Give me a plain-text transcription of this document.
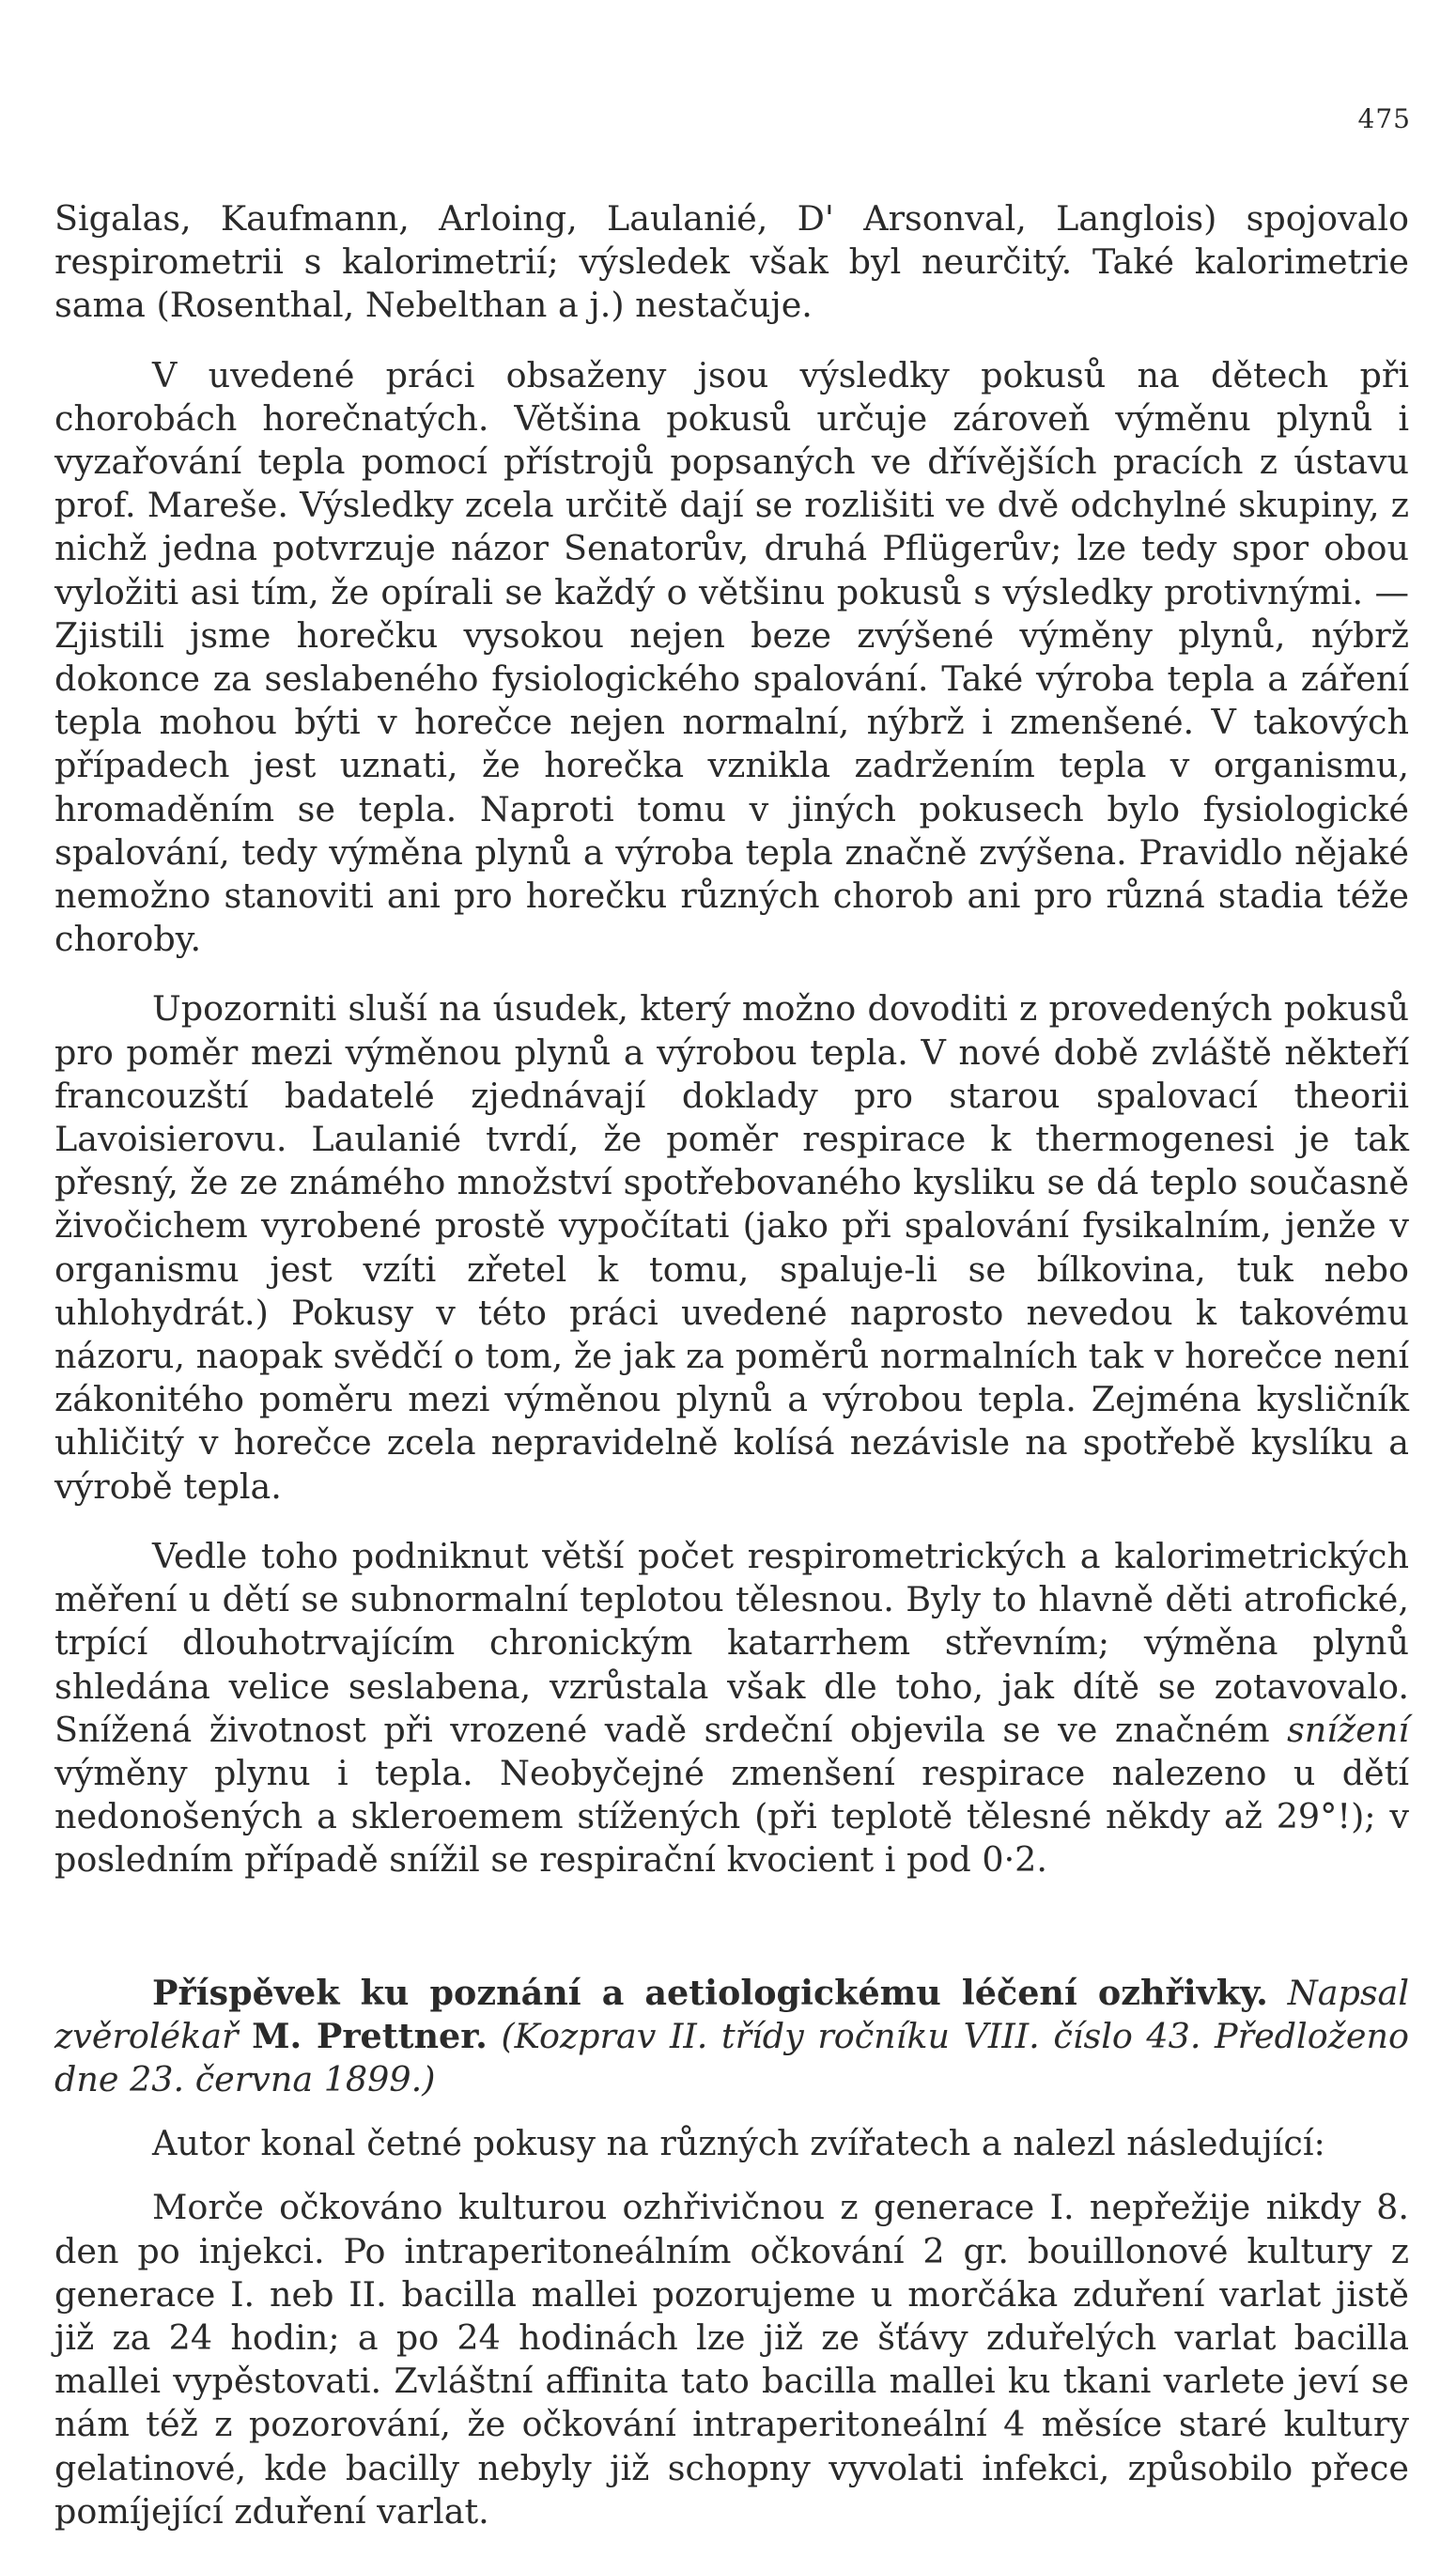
475

Sigalas, Kaufmann, Arloing, Laulanié, D' Arsonval, Langlois) spojovalo respirometrii s kalorimetrií; výsledek však byl neurčitý. Také kalorimetrie sama (Rosenthal, Nebelthan a j.) nestačuje.

V uvedené práci obsaženy jsou výsledky pokusů na dětech při chorobách horečnatých. Většina pokusů určuje zároveň výměnu plynů i vyzařování tepla pomocí přístrojů popsaných ve dřívějších pracích z ústavu prof. Mareše. Výsledky zcela určitě dají se rozlišiti ve dvě odchylné skupiny, z nichž jedna potvrzuje názor Senatorův, druhá Pflügerův; lze tedy spor obou vyložiti asi tím, že opírali se každý o většinu pokusů s výsledky protivnými. — Zjistili jsme horečku vysokou nejen beze zvýšené výměny plynů, nýbrž dokonce za seslabeného fysiologického spalování. Také výroba tepla a záření tepla mohou býti v horečce nejen normalní, nýbrž i zmenšené. V takových případech jest uznati, že horečka vznikla zadržením tepla v organismu, hromaděním se tepla. Naproti tomu v jiných pokusech bylo fysiologické spalování, tedy výměna plynů a výroba tepla značně zvýšena. Pravidlo nějaké nemožno stanoviti ani pro horečku různých chorob ani pro různá stadia téže choroby.

Upozorniti sluší na úsudek, který možno dovoditi z provedených pokusů pro poměr mezi výměnou plynů a výrobou tepla. V nové době zvláště někteří francouzští badatelé zjednávají doklady pro starou spalovací theorii Lavoisierovu. Laulanié tvrdí, že poměr respirace k thermogenesi je tak přesný, že ze známého množství spotřebovaného kysliku se dá teplo současně živočichem vyrobené prostě vypočítati (jako při spalování fysikalním, jenže v organismu jest vzíti zřetel k tomu, spaluje-li se bílkovina, tuk nebo uhlohydrát.) Pokusy v této práci uvedené naprosto nevedou k takovému názoru, naopak svědčí o tom, že jak za poměrů normalních tak v horečce není zákonitého poměru mezi výměnou plynů a výrobou tepla. Zejména kysličník uhličitý v horečce zcela nepravidelně kolísá nezávisle na spotřebě kyslíku a výrobě tepla.

Vedle toho podniknut větší počet respirometrických a kalorimetrických měření u dětí se subnormalní teplotou tělesnou. Byly to hlavně děti atrofické, trpící dlouhotrvajícím chronickým katarrhem střevním; výměna plynů shledána velice seslabena, vzrůstala však dle toho, jak dítě se zotavovalo. Snížená životnost při vrozené vadě srdeční objevila se ve značném snížení výměny plynu i tepla. Neobyčejné zmenšení respirace nalezeno u dětí nedonošených a skleroemem stížených (při teplotě tělesné někdy až 29°!); v posledním případě snížil se respirační kvocient i pod 0·2.

Příspěvek ku poznání a aetiologickému léčení ozhřivky. Napsal zvěrolékař M. Prettner. (Kozprav II. třídy ročníku VIII. číslo 43. Předloženo dne 23. června 1899.)

Autor konal četné pokusy na různých zvířatech a nalezl následující:

Morče očkováno kulturou ozhřivičnou z generace I. nepřežije nikdy 8. den po injekci. Po intraperitoneálním očkování 2 gr. bouillonové kultury z generace I. neb II. bacilla mallei pozorujeme u morčáka zduření varlat jistě již za 24 hodin; a po 24 hodinách lze již ze šťávy zduřelých varlat bacilla mallei vypěstovati. Zvláštní affinita tato bacilla mallei ku tkani varlete jeví se nám též z pozorování, že očkování intraperitoneální 4 měsíce staré kultury gelatinové, kde bacilly nebyly již schopny vyvolati infekci, způsobilo přece pomíjející zduření varlat.
